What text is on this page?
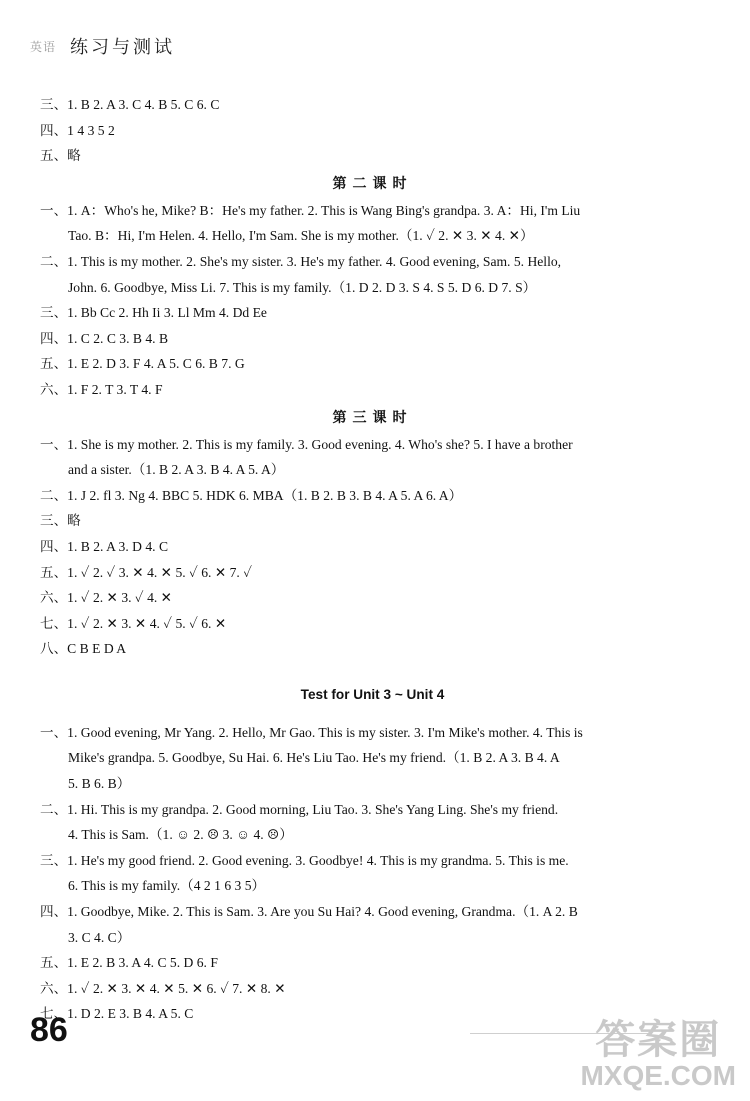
英语 练习与测试
三、1. B 2. A 3. C 4. B 5. C 6. C
四、1 4 3 5 2
五、略
第二课时
一、1. A：Who's he, Mike? B：He's my father. 2. This is Wang Bing's grandpa. 3. A：Hi, I'm Liu
Tao. B：Hi, I'm Helen. 4. Hello, I'm Sam. She is my mother.（1. ✓ 2. ✕ 3. ✕ 4. ✕）
二、1. This is my mother. 2. She's my sister. 3. He's my father. 4. Good evening, Sam. 5. Hello,
John. 6. Goodbye, Miss Li. 7. This is my family.（1. D 2. D 3. S 4. S 5. D 6. D 7. S）
三、1. Bb Cc 2. Hh Ii 3. Ll Mm 4. Dd Ee
四、1. C 2. C 3. B 4. B
五、1. E 2. D 3. F 4. A 5. C 6. B 7. G
六、1. F 2. T 3. T 4. F
第三课时
一、1. She is my mother. 2. This is my family. 3. Good evening. 4. Who's she? 5. I have a brother
and a sister.（1. B 2. A 3. B 4. A 5. A）
二、1. J 2. fl 3. Ng 4. BBC 5. HDK 6. MBA（1. B 2. B 3. B 4. A 5. A 6. A）
三、略
四、1. B 2. A 3. D 4. C
五、1. ✓ 2. ✓ 3. ✕ 4. ✕ 5. ✓ 6. ✕ 7. ✓
六、1. ✓ 2. ✕ 3. ✓ 4. ✕
七、1. ✓ 2. ✕ 3. ✕ 4. ✓ 5. ✓ 6. ✕
八、C B E D A
Test for Unit 3 ~ Unit 4
一、1. Good evening, Mr Yang. 2. Hello, Mr Gao. This is my sister. 3. I'm Mike's mother. 4. This is
Mike's grandpa. 5. Goodbye, Su Hai. 6. He's Liu Tao. He's my friend.（1. B 2. A 3. B 4. A
5. B 6. B）
二、1. Hi. This is my grandpa. 2. Good morning, Liu Tao. 3. She's Yang Ling. She's my friend.
4. This is Sam.（1. ☺ 2. ☹ 3. ☺ 4. ☹）
三、1. He's my good friend. 2. Good evening. 3. Goodbye! 4. This is my grandma. 5. This is me.
6. This is my family.（4 2 1 6 3 5）
四、1. Goodbye, Mike. 2. This is Sam. 3. Are you Su Hai? 4. Good evening, Grandma.（1. A 2. B
3. C 4. C）
五、1. E 2. B 3. A 4. C 5. D 6. F
六、1. ✓ 2. ✕ 3. ✕ 4. ✕ 5. ✕ 6. ✓ 7. ✕ 8. ✕
七、1. D 2. E 3. B 4. A 5. C
86	答案圈
MXQE.COM
